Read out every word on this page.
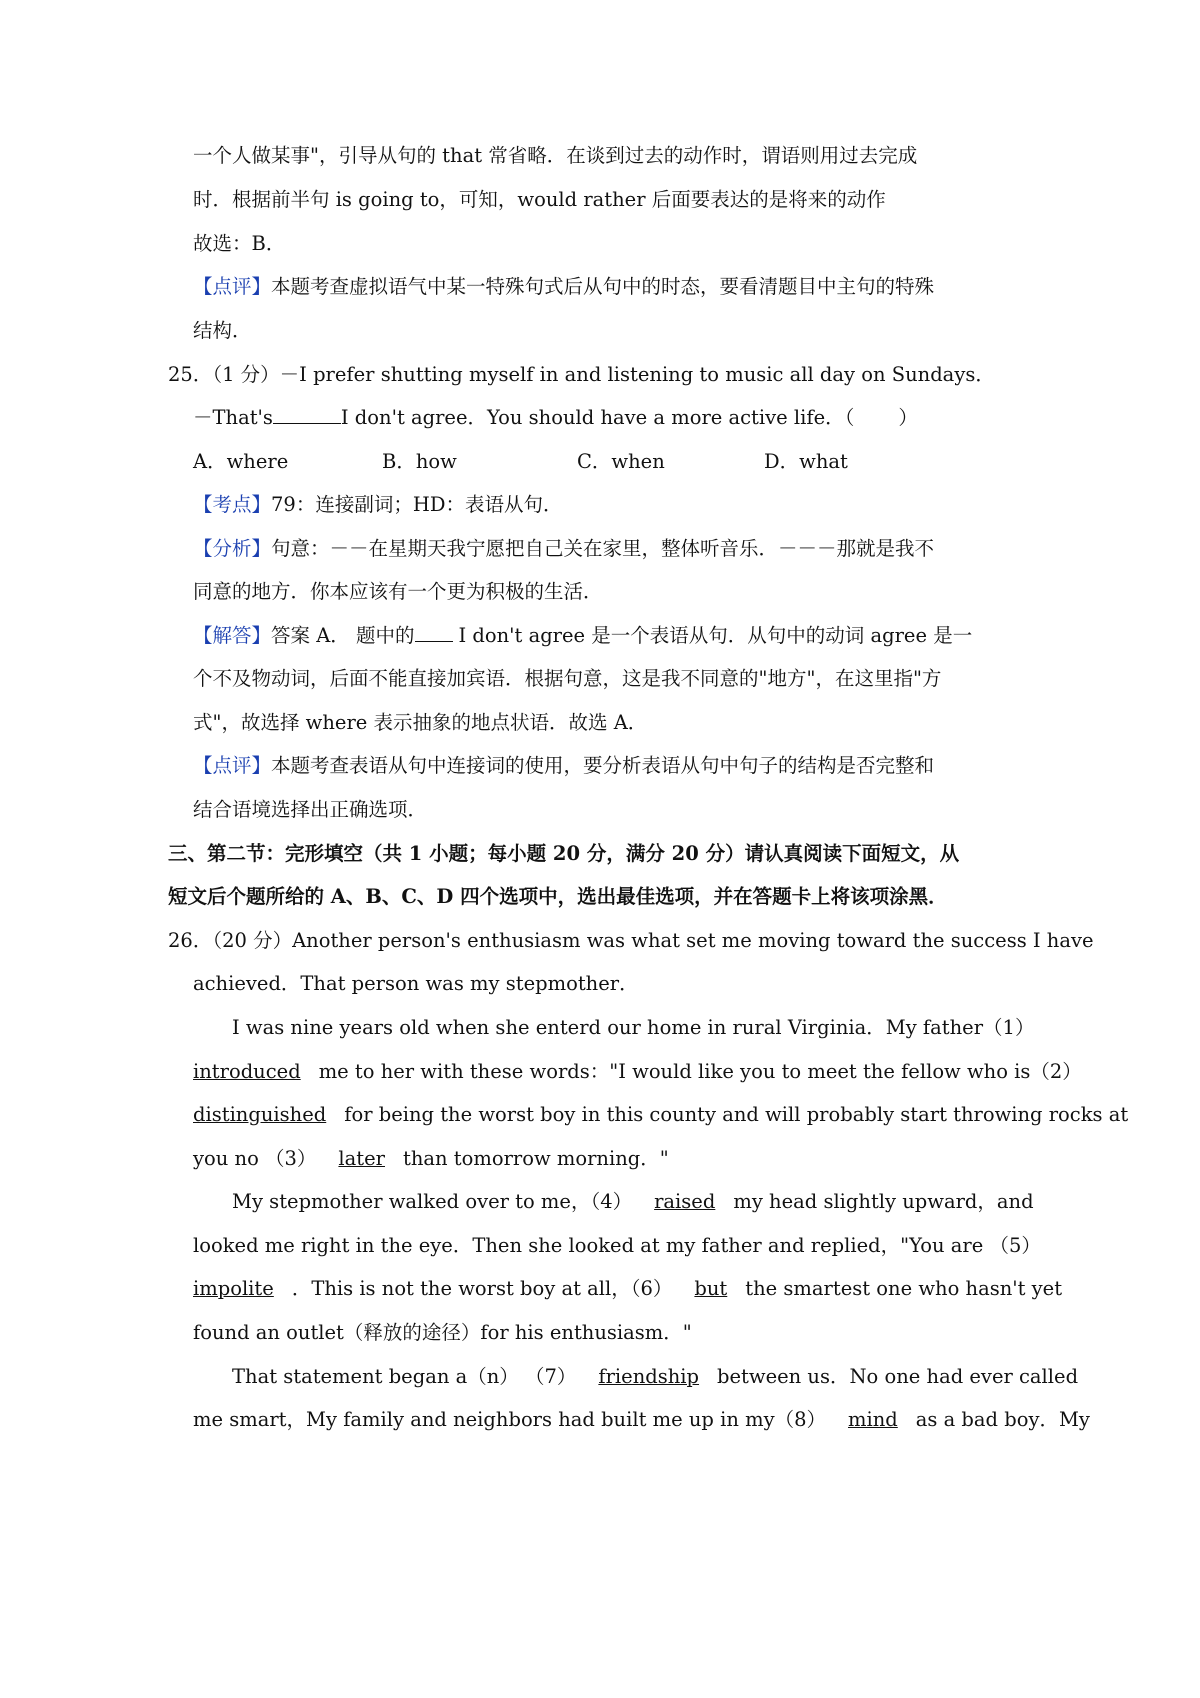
一个人做某事"，引导从句的 that 常省略．在谈到过去的动作时，谓语则用过去完成
时．根据前半句 is going to，可知，would rather 后面要表达的是将来的动作
故选：B．
【点评】本题考查虚拟语气中某一特殊句式后从句中的时态，要看清题目中主句的特殊
结构．
25．（1 分）－I prefer shutting myself in and listening to music all day on Sundays．
－That's	I don't agree．You should have a more active life．（ ）
A．where	B．how	C．when	D．what
【考点】79：连接副词；HD：表语从句．
【分析】句意：－－在星期天我宁愿把自己关在家里，整体听音乐．－－－那就是我不
同意的地方．你本应该有一个更为积极的生活．
【解答】答案 A． 题中的 I don't agree 是一个表语从句．从句中的动词 agree 是一
个不及物动词，后面不能直接加宾语．根据句意，这是我不同意的"地方"，在这里指"方
式"，故选择 where 表示抽象的地点状语．故选 A．
【点评】本题考查表语从句中连接词的使用，要分析表语从句中句子的结构是否完整和
结合语境选择出正确选项．
三、第二节：完形填空（共 1 小题；每小题 20 分，满分 20 分）请认真阅读下面短文，从
短文后个题所给的 A、B、C、D 四个选项中，选出最佳选项，并在答题卡上将该项涂黑．
26．（20 分）Another person's enthusiasm was what set me moving toward the success I have
achieved．That person was my stepmother．
I was nine years old when she enterd our home in rural Virginia．My father（1）
introduced me to her with these words："I would like you to meet the fellow who is（2）
distinguished for being the worst boy in this county and will probably start throwing rocks at
you no （3） later than tomorrow morning．"
My stepmother walked over to me，（4） raised my head slightly upward，and
looked me right in the eye．Then she looked at my father and replied，"You are （5）
impolite ．This is not the worst boy at all，（6） but the smartest one who hasn't yet
found an outlet（释放的途径）for his enthusiasm．"
That statement began a（n） （7） friendship between us．No one had ever called
me smart，My family and neighbors had built me up in my（8） mind as a bad boy．My
